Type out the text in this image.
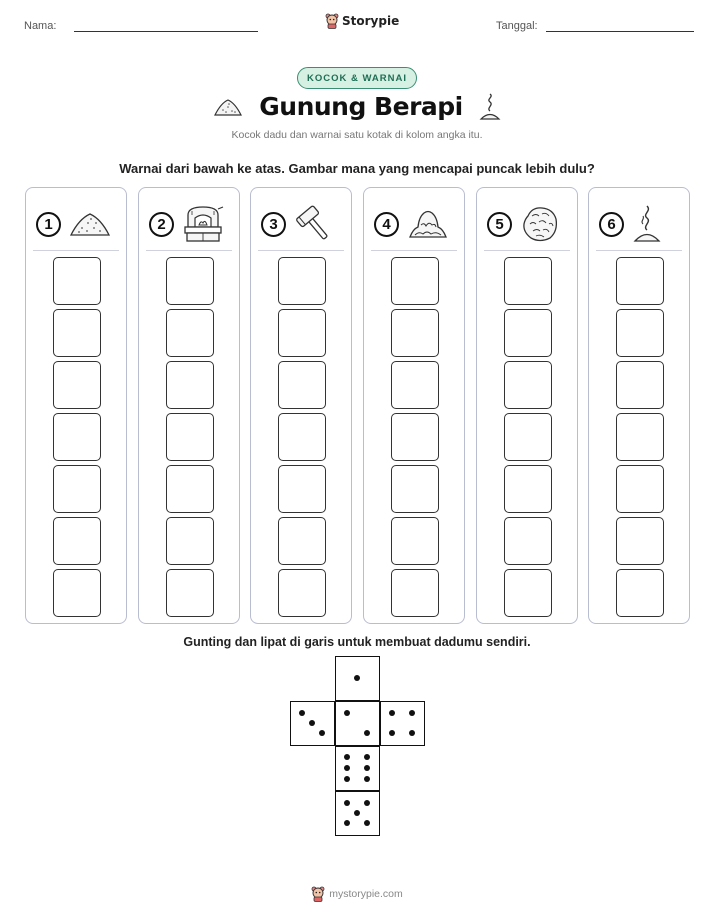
Nama:	Storypie	Tanggal:
KOCOK & WARNAI
Gunung Berapi
Kocok dadu dan warnai satu kotak di kolom angka itu.
Warnai dari bawah ke atas. Gambar mana yang mencapai puncak lebih dulu?
1	2	3	4	5	6
Gunting dan lipat di garis untuk membuat dadumu sendiri.
mystorypie.com
